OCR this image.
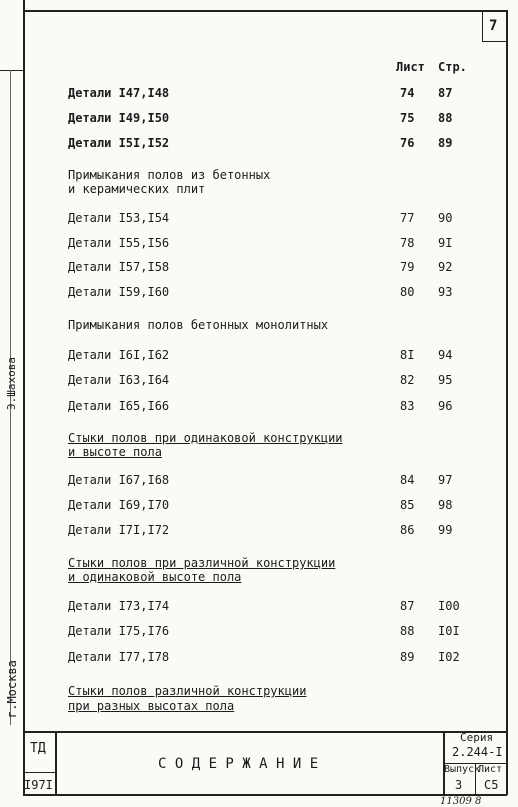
7
Лист Стр.
Детали I47,I48	74 87
Детали I49,I50	75 88
Детали I5I,I52	76 89
Примыкания полов из бетонных
и керамических плит
Детали I53,I54	77 90
Детали I55,I56	78 9I
Детали I57,I58	79 92
Детали I59,I60	80 93
Примыкания полов бетонных монолитных
Детали I6I,I62	8I 94
Детали I63,I64	82 95
Детали I65,I66	83 96
Стыки полов при одинаковой конструкции
и высоте пола
Детали I67,I68	84 97
Детали I69,I70	85 98
Детали I7I,I72	86 99
Стыки полов при различной конструкции
и одинаковой высоте пола
Детали I73,I74	87 I00
Детали I75,I76	88 I0I
Детали I77,I78	89 I02
Стыки полов различной конструкции
при разных высотах пола
Э.Шахова
г.Москва
ТД
I97I
С О Д Е Р Ж А Н И Е
Серия
2.244-I
Выпуск
Лист
3 С5
11309 8
